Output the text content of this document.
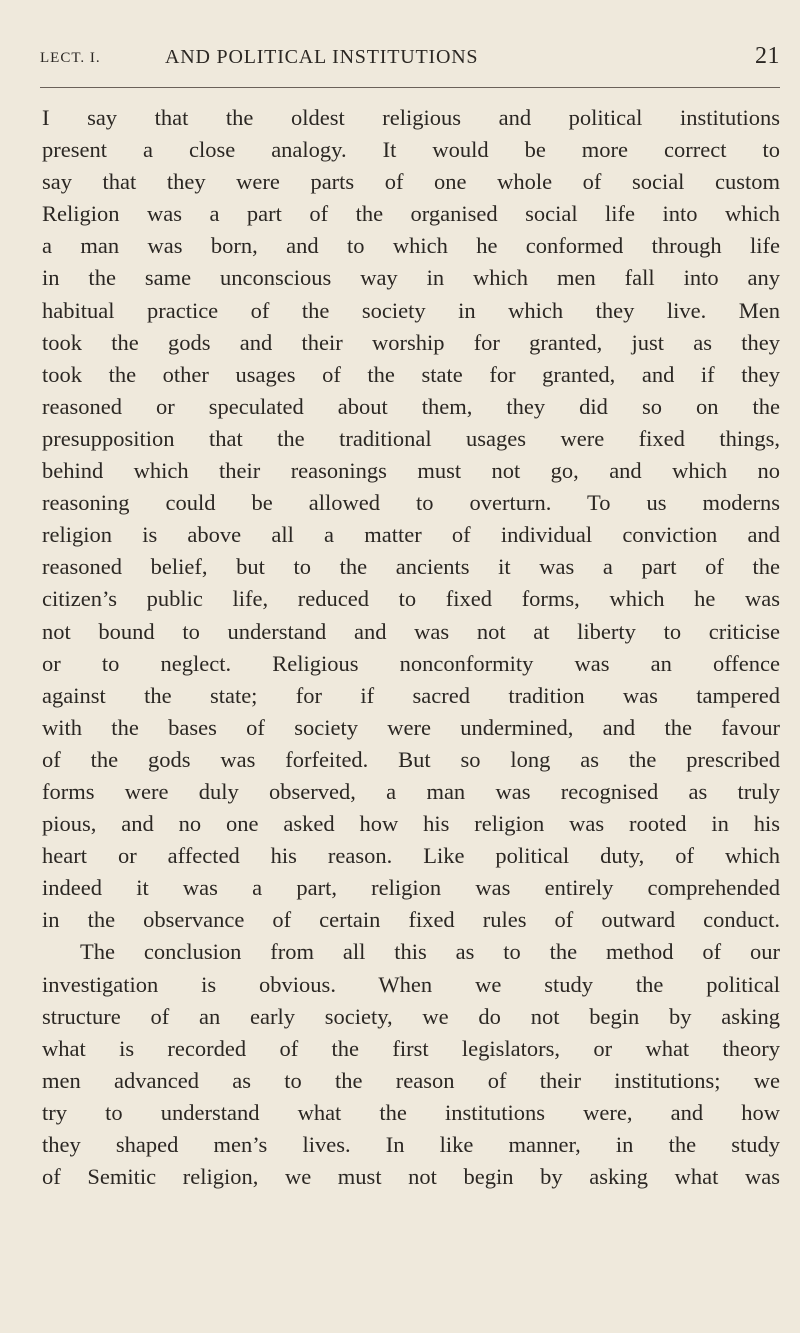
LECT. I.	AND POLITICAL INSTITUTIONS	21
I say that the oldest religious and political institutions
present a close analogy. It would be more correct to
say that they were parts of one whole of social custom
Religion was a part of the organised social life into which
a man was born, and to which he conformed through life
in the same unconscious way in which men fall into any
habitual practice of the society in which they live. Men
took the gods and their worship for granted, just as they
took the other usages of the state for granted, and if they
reasoned or speculated about them, they did so on the
presupposition that the traditional usages were fixed things,
behind which their reasonings must not go, and which no
reasoning could be allowed to overturn. To us moderns
religion is above all a matter of individual conviction and
reasoned belief, but to the ancients it was a part of the
citizen’s public life, reduced to fixed forms, which he was
not bound to understand and was not at liberty to criticise
or to neglect. Religious nonconformity was an offence
against the state; for if sacred tradition was tampered
with the bases of society were undermined, and the favour
of the gods was forfeited. But so long as the prescribed
forms were duly observed, a man was recognised as truly
pious, and no one asked how his religion was rooted in his
heart or affected his reason. Like political duty, of which
indeed it was a part, religion was entirely comprehended
in the observance of certain fixed rules of outward conduct.
The conclusion from all this as to the method of our
investigation is obvious. When we study the political
structure of an early society, we do not begin by asking
what is recorded of the first legislators, or what theory
men advanced as to the reason of their institutions; we
try to understand what the institutions were, and how
they shaped men’s lives. In like manner, in the study
of Semitic religion, we must not begin by asking what was
